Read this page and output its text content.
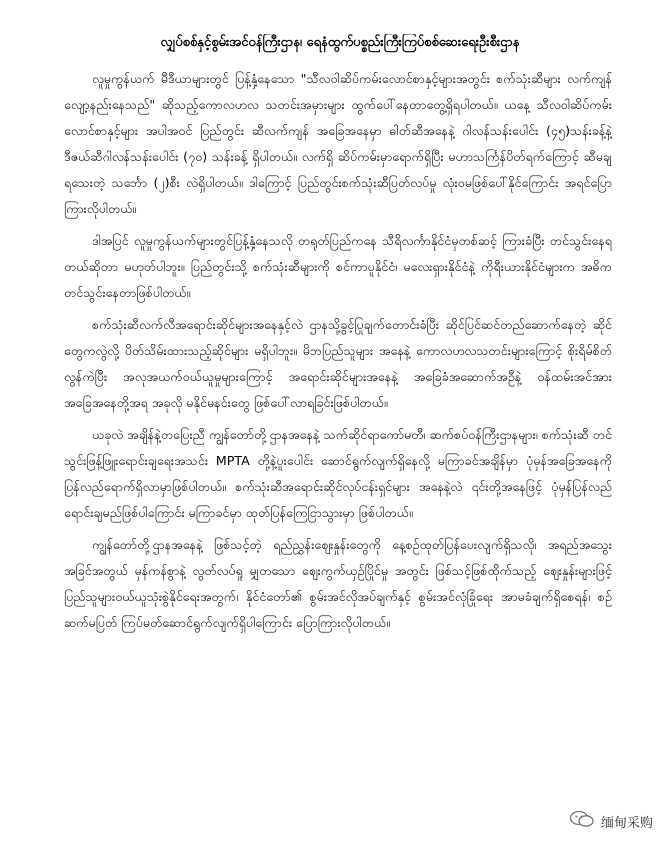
လျှပ်စစ်နှင့်စွမ်းအင်ဝန်ကြီးဌာန၊ ရေနံထွက်ပစ္စည်းကြီးကြပ်စစ်ဆေးရေးဦးစီးဌာန

လူမှုကွန်ယက် မီဒီယာများတွင် ပြန့်နှံ့နေသော "သီလဝါဆိပ်ကမ်းလောင်စာနှင့်များအတွင်း စက်သုံးဆီများ လက်ကျန်လျော့နည်းနေသည်" ဆိုသည့်ကောလဟလ သတင်းအမှားများ ထွက်ပေါ်နေတာတွေ့ရှိရပါတယ်။ ယနေ့ သီလဝါဆိပ်ကမ်းလောင်စာနှင့်များ အပါအဝင် ပြည်တွင်း ဆီလက်ကျန် အခြေအနေမှာ ဓါတ်ဆီအနေနဲ့ ဂါလန်သန်းပေါင်း (၄၅)သန်းခန့်နဲ့ ဒီဇယ်ဆီဂါလန်သန်းပေါင်း (၇၀) သန်းခန့် ရှိပါတယ်။ လက်ရှိ ဆိပ်ကမ်းမှာရောက်ရှိပြီး မဟာသင်္ကြန်ပိတ်ရက်ကြောင့် ဆီမချရသေးတဲ့ သင်္ဘော (၂)စီး လဲရှိပါတယ်။ ဒါကြောင့် ပြည်တွင်းစက်သုံးဆီပြတ်လပ်မှု လုံးဝမဖြစ်ပေါ်နိုင်ကြောင်း အရင်ပြောကြားလိုပါတယ်။

ဒါအပြင် လူမှုကွန်ယက်များတွင်ပြန့်နှံ့နေသလို တရုတ်ပြည်ကနေ သီရိလင်္ကာနိုင်ငံမှတစ်ဆင့် ကြားခံပြီး တင်သွင်းနေရတယ်ဆိုတာ မဟုတ်ပါဘူး။ ပြည်တွင်းသို့ စက်သုံးဆီများကို စင်ကာပူနိုင်ငံ၊ မလေးရှားနိုင်ငံနဲ့ ကိုရီးယားနိုင်ငံများက အဓိက တင်သွင်းနေတာဖြစ်ပါတယ်။

စက်သုံးဆီလက်လီအရောင်းဆိုင်များအနေနှင့်လဲ ဌာနသို့ခွင့်ပြုချက်တောင်းခံပြီး ဆိုင်ပြင်ဆင်တည်ဆောက်နေတဲ့ ဆိုင်တွေကလွဲလို့ ပိတ်သိမ်းထားသည့်ဆိုင်များ မရှိပါဘူး။ မိဘပြည်သူများ အနေနဲ့ ကောလဟလသတင်းများကြောင့် စိုးရိမ်စိတ်လွန်ကဲပြီး အလုအယက်ဝယ်ယူမှုများကြောင့် အရောင်းဆိုင်များအနေနဲ့ အခြေခံအဆောက်အဦနဲ့ ဝန်ထမ်းအင်အားအခြေအနေတို့အရ အခုလို မနိုင်မနင်းတွေ ဖြစ်ပေါ်လာရခြင်းဖြစ်ပါတယ်။

ယခုလဲ အချိန်နဲ့တပြေးညီ ကျွန်တော်တို့ဌာနအနေနဲ့ သက်ဆိုင်ရာကော်မတီ၊ ဆက်စပ်ဝန်ကြီးဌာနများ၊ စက်သုံးဆီ တင်သွင်းဖြန့်ဖြူးရောင်းချရေးအသင်း MPTA တို့နဲ့ပူးပေါင်း ဆောင်ရွက်လျက်ရှိနေလို့ မကြာခင်အချိန်မှာ ပုံမှန်အခြေအနေကို ပြန်လည်ရောက်ရှိလာမှာဖြစ်ပါတယ်။ စက်သုံးဆီအရောင်းဆိုင်လုပ်ငန်းရှင်များ အနေနဲ့လဲ ၎င်းတို့အနေဖြင့် ပုံမှန်ပြန်လည်ရောင်းချမည်ဖြစ်ပါကြောင်း မကြာခင်မှာ ထုတ်ပြန်ကြေငြာသွားမှာ ဖြစ်ပါတယ်။

ကျွန်တော်တို့ဌာနအနေနဲ့ ဖြစ်သင့်တဲ့ ရည်ညွှန်းဈေးနှုန်းတွေကို နေ့စဉ်ထုတ်ပြန်ပေးလျက်ရှိသလို၊ အရည်အသွေး အခြင်အတွယ် မှန်ကန်စွာနဲ့ လွတ်လပ်ရှု မျှတသော ဈေးကွက်ယှဉ်ပြိုင်မှု အတွင်း ဖြစ်သင့်ဖြစ်ထိုက်သည့် ဈေးနှုန်းများဖြင့် ပြည်သူများဝယ်ယူသုံးစွဲနိုင်ရေးအတွက်၊ နိုင်ငံတော်၏ စွမ်းအင်လိုအပ်ချက်နှင့် စွမ်းအင်လုံခြုံရေး အာမခံချက်ရှိစေရန်၊ စဉ်ဆက်မပြတ် ကြပ်မတ်ဆောင်ရွက်လျက်ရှိပါကြောင်း ပြောကြားလိုပါတယ်။

缅甸采购
